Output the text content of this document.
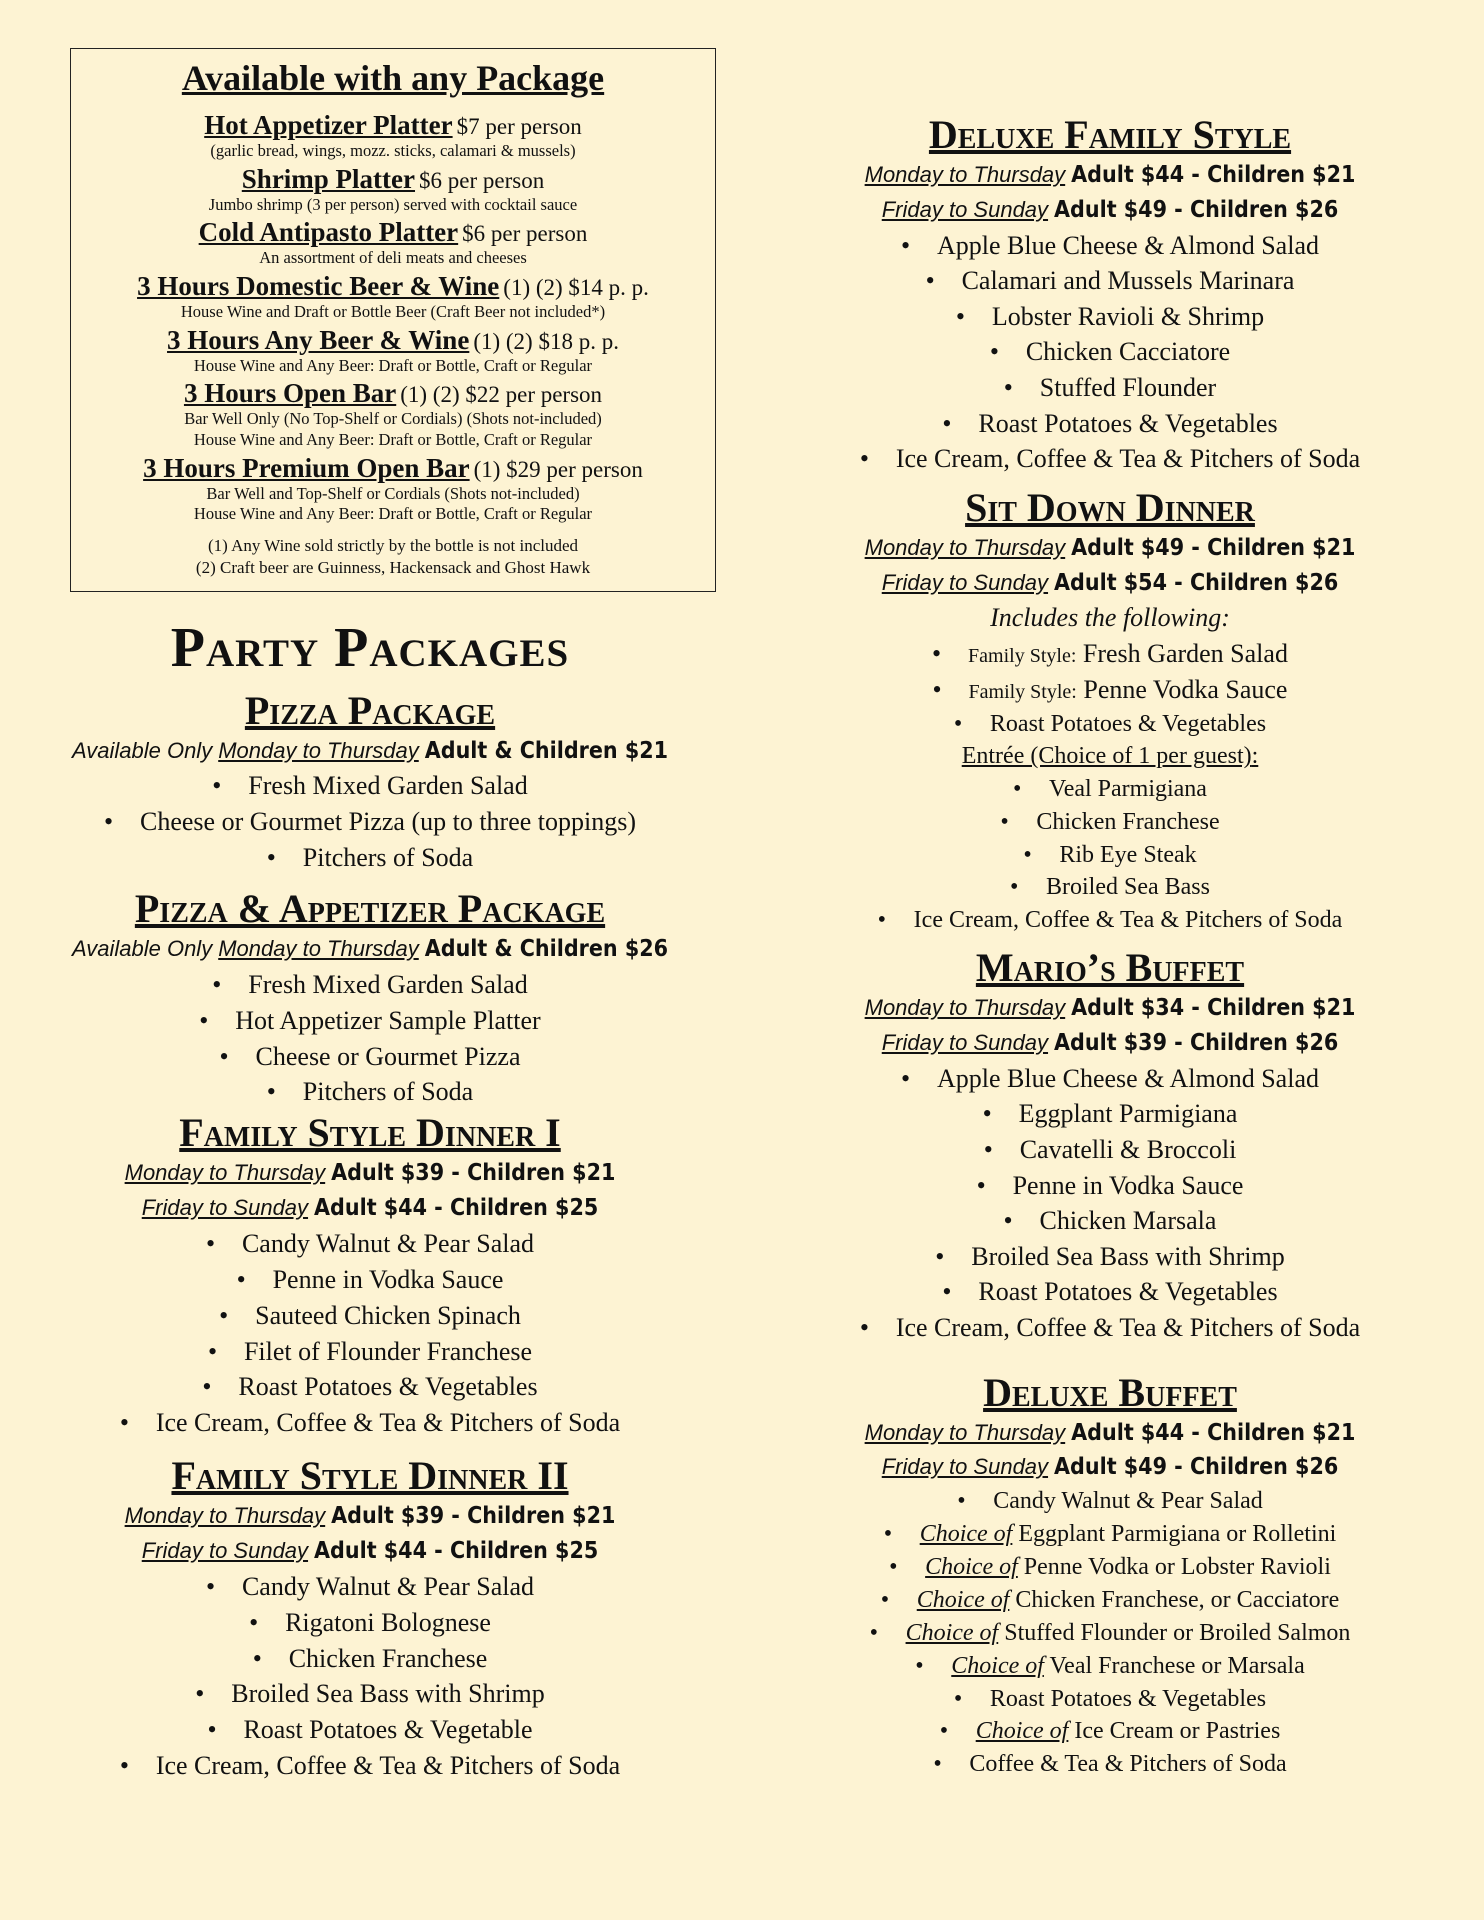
Available with any Package
Hot Appetizer Platter $7 per person
(garlic bread, wings, mozz. sticks, calamari & mussels)
Shrimp Platter $6 per person
Jumbo shrimp (3 per person) served with cocktail sauce
Cold Antipasto Platter $6 per person
An assortment of deli meats and cheeses
3 Hours Domestic Beer & Wine (1) (2) $14 p. p.
House Wine and Draft or Bottle Beer (Craft Beer not included*)
3 Hours Any Beer & Wine (1) (2) $18 p. p.
House Wine and Any Beer: Draft or Bottle, Craft or Regular
3 Hours Open Bar (1) (2) $22 per person
Bar Well Only (No Top-Shelf or Cordials) (Shots not-included)
House Wine and Any Beer: Draft or Bottle, Craft or Regular
3 Hours Premium Open Bar (1) $29 per person
Bar Well and Top-Shelf or Cordials (Shots not-included)
House Wine and Any Beer: Draft or Bottle, Craft or Regular
(1) Any Wine sold strictly by the bottle is not included
(2) Craft beer are Guinness, Hackensack and Ghost Hawk
Party Packages
Pizza Package
Available Only Monday to Thursday Adult & Children $21
• Fresh Mixed Garden Salad
• Cheese or Gourmet Pizza (up to three toppings)
• Pitchers of Soda
Pizza & Appetizer Package
Available Only Monday to Thursday Adult & Children $26
• Fresh Mixed Garden Salad
• Hot Appetizer Sample Platter
• Cheese or Gourmet Pizza
• Pitchers of Soda
Family Style Dinner I
Monday to Thursday Adult $39 - Children $21
Friday to Sunday Adult $44 - Children $25
• Candy Walnut & Pear Salad
• Penne in Vodka Sauce
• Sauteed Chicken Spinach
• Filet of Flounder Franchese
• Roast Potatoes & Vegetables
• Ice Cream, Coffee & Tea & Pitchers of Soda
Family Style Dinner II
Monday to Thursday Adult $39 - Children $21
Friday to Sunday Adult $44 - Children $25
• Candy Walnut & Pear Salad
• Rigatoni Bolognese
• Chicken Franchese
• Broiled Sea Bass with Shrimp
• Roast Potatoes & Vegetable
• Ice Cream, Coffee & Tea & Pitchers of Soda
Deluxe Family Style
Monday to Thursday Adult $44 - Children $21
Friday to Sunday Adult $49 - Children $26
• Apple Blue Cheese & Almond Salad
• Calamari and Mussels Marinara
• Lobster Ravioli & Shrimp
• Chicken Cacciatore
• Stuffed Flounder
• Roast Potatoes & Vegetables
• Ice Cream, Coffee & Tea & Pitchers of Soda
Sit Down Dinner
Monday to Thursday Adult $49 - Children $21
Friday to Sunday Adult $54 - Children $26
Includes the following:
• Family Style: Fresh Garden Salad
• Family Style: Penne Vodka Sauce
• Roast Potatoes & Vegetables
Entrée (Choice of 1 per guest):
• Veal Parmigiana
• Chicken Franchese
• Rib Eye Steak
• Broiled Sea Bass
• Ice Cream, Coffee & Tea & Pitchers of Soda
Mario’s Buffet
Monday to Thursday Adult $34 - Children $21
Friday to Sunday Adult $39 - Children $26
• Apple Blue Cheese & Almond Salad
• Eggplant Parmigiana
• Cavatelli & Broccoli
• Penne in Vodka Sauce
• Chicken Marsala
• Broiled Sea Bass with Shrimp
• Roast Potatoes & Vegetables
• Ice Cream, Coffee & Tea & Pitchers of Soda
Deluxe Buffet
Monday to Thursday Adult $44 - Children $21
Friday to Sunday Adult $49 - Children $26
• Candy Walnut & Pear Salad
• Choice of Eggplant Parmigiana or Rolletini
• Choice of Penne Vodka or Lobster Ravioli
• Choice of Chicken Franchese, or Cacciatore
• Choice of Stuffed Flounder or Broiled Salmon
• Choice of Veal Franchese or Marsala
• Roast Potatoes & Vegetables
• Choice of Ice Cream or Pastries
• Coffee & Tea & Pitchers of Soda
